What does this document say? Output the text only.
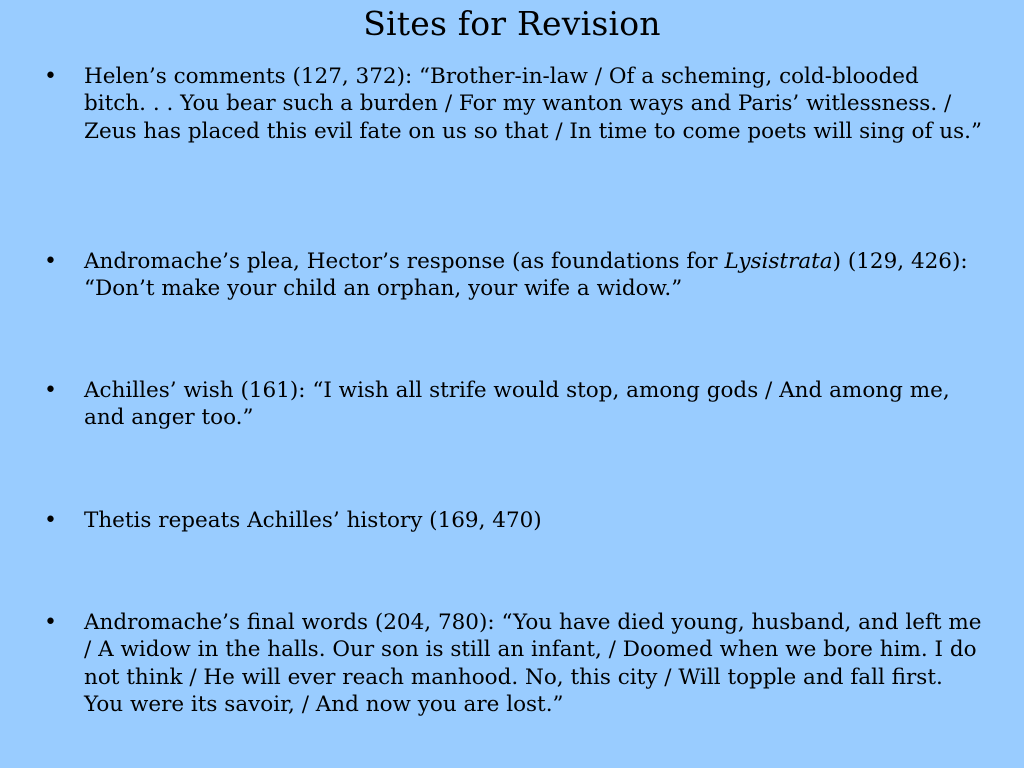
Sites for Revision
• Helen’s comments (127, 372): “Brother-in-law / Of a scheming, cold-blooded bitch. . . You bear such a burden / For my wanton ways and Paris’ witlessness. / Zeus has placed this evil fate on us so that / In time to come poets will sing of us.”
• Andromache’s plea, Hector’s response (as foundations for Lysistrata) (129, 426): “Don’t make your child an orphan, your wife a widow.”
• Achilles’ wish (161): “I wish all strife would stop, among gods / And among me, and anger too.”
• Thetis repeats Achilles’ history (169, 470)
• Andromache’s final words (204, 780): “You have died young, husband, and left me / A widow in the halls. Our son is still an infant, / Doomed when we bore him. I do not think / He will ever reach manhood. No, this city / Will topple and fall first. You were its savoir, / And now you are lost.”
